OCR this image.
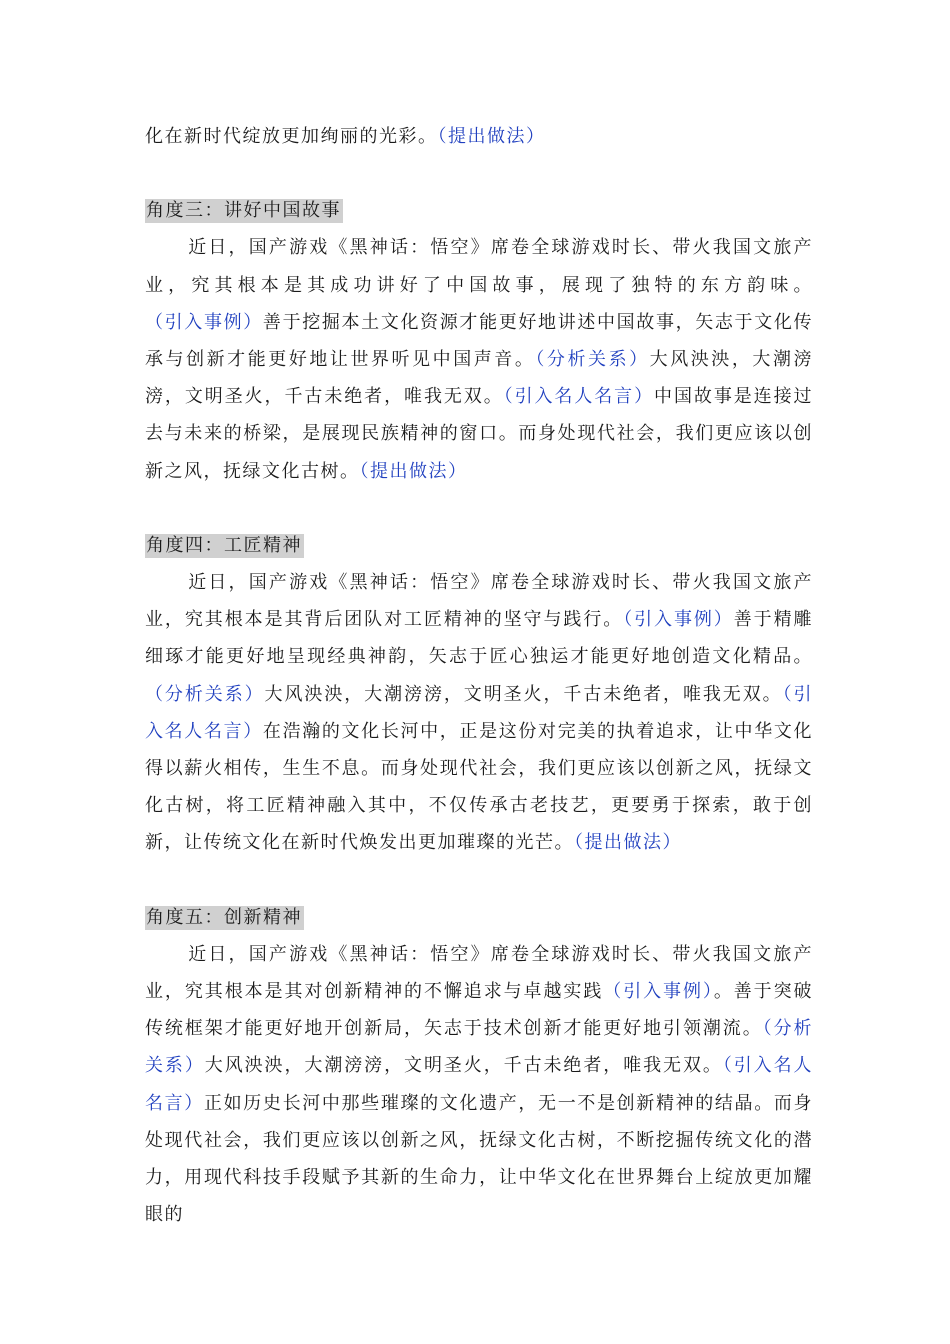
化在新时代绽放更加绚丽的光彩。（提出做法）

角度三：讲好中国故事

近日，国产游戏《黑神话：悟空》席卷全球游戏时长、带火我国文旅产业，究其根本是其成功讲好了中国故事，展现了独特的东方韵味。（引入事例）善于挖掘本土文化资源才能更好地讲述中国故事，矢志于文化传承与创新才能更好地让世界听见中国声音。（分析关系）大风泱泱，大潮滂滂，文明圣火，千古未绝者，唯我无双。（引入名人名言）中国故事是连接过去与未来的桥梁，是展现民族精神的窗口。而身处现代社会，我们更应该以创新之风，抚绿文化古树。（提出做法）

角度四：工匠精神

近日，国产游戏《黑神话：悟空》席卷全球游戏时长、带火我国文旅产业，究其根本是其背后团队对工匠精神的坚守与践行。（引入事例）善于精雕细琢才能更好地呈现经典神韵，矢志于匠心独运才能更好地创造文化精品。（分析关系）大风泱泱，大潮滂滂，文明圣火，千古未绝者，唯我无双。（引入名人名言）在浩瀚的文化长河中，正是这份对完美的执着追求，让中华文化得以薪火相传，生生不息。而身处现代社会，我们更应该以创新之风，抚绿文化古树，将工匠精神融入其中，不仅传承古老技艺，更要勇于探索，敢于创新，让传统文化在新时代焕发出更加璀璨的光芒。（提出做法）

角度五：创新精神

近日，国产游戏《黑神话：悟空》席卷全球游戏时长、带火我国文旅产业，究其根本是其对创新精神的不懈追求与卓越实践（引入事例）。善于突破传统框架才能更好地开创新局，矢志于技术创新才能更好地引领潮流。（分析关系）大风泱泱，大潮滂滂，文明圣火，千古未绝者，唯我无双。（引入名人名言）正如历史长河中那些璀璨的文化遗产，无一不是创新精神的结晶。而身处现代社会，我们更应该以创新之风，抚绿文化古树，不断挖掘传统文化的潜力，用现代科技手段赋予其新的生命力，让中华文化在世界舞台上绽放更加耀眼的
